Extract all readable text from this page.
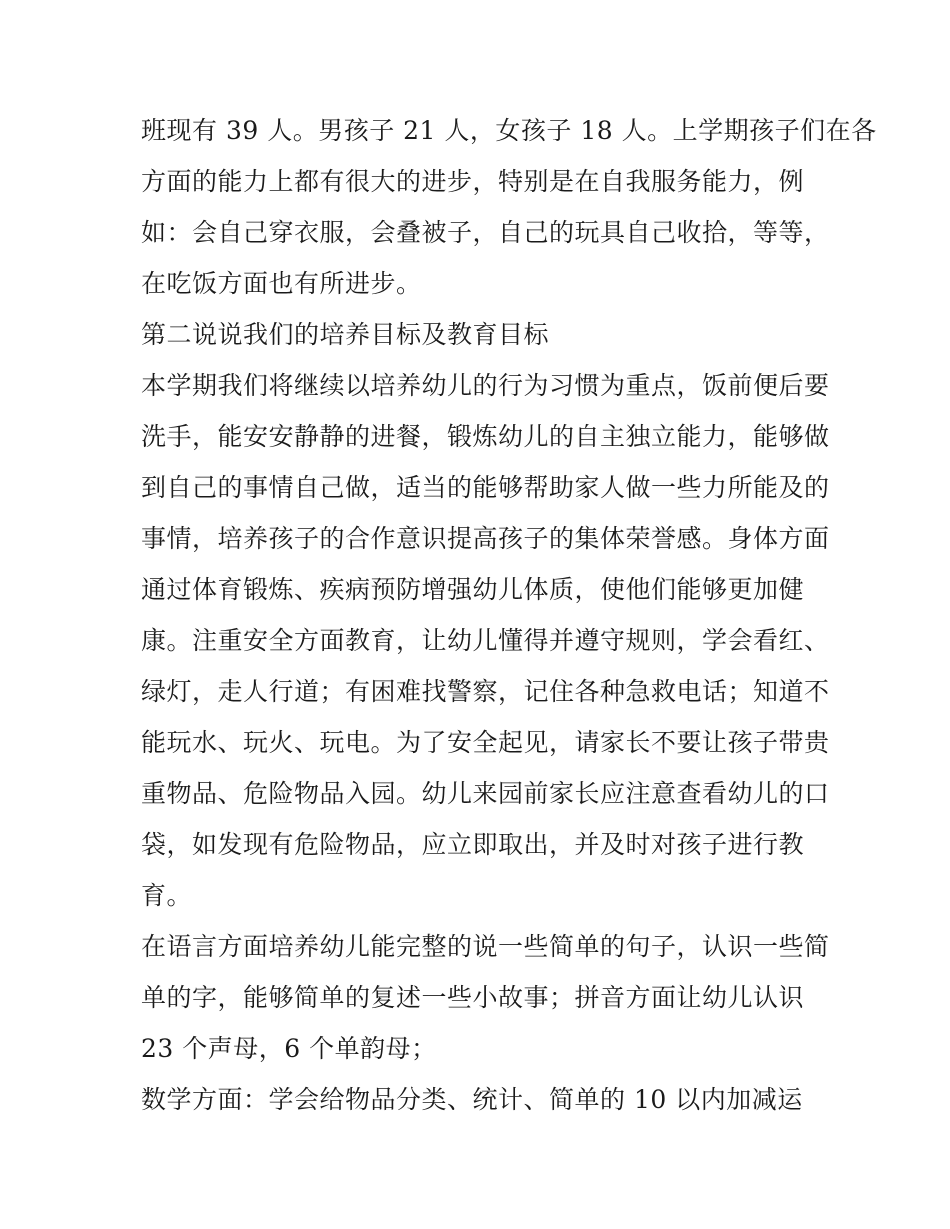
班现有 39 人。男孩子 21 人，女孩子 18 人。上学期孩子们在各
方面的能力上都有很大的进步，特别是在自我服务能力，例
如：会自己穿衣服，会叠被子，自己的玩具自己收拾，等等，
在吃饭方面也有所进步。
第二说说我们的培养目标及教育目标
本学期我们将继续以培养幼儿的行为习惯为重点，饭前便后要
洗手，能安安静静的进餐，锻炼幼儿的自主独立能力，能够做
到自己的事情自己做，适当的能够帮助家人做一些力所能及的
事情，培养孩子的合作意识提高孩子的集体荣誉感。身体方面
通过体育锻炼、疾病预防增强幼儿体质，使他们能够更加健
康。注重安全方面教育，让幼儿懂得并遵守规则，学会看红、
绿灯，走人行道；有困难找警察，记住各种急救电话；知道不
能玩水、玩火、玩电。为了安全起见，请家长不要让孩子带贵
重物品、危险物品入园。幼儿来园前家长应注意查看幼儿的口
袋，如发现有危险物品，应立即取出，并及时对孩子进行教
育。
在语言方面培养幼儿能完整的说一些简单的句子，认识一些简
单的字，能够简单的复述一些小故事；拼音方面让幼儿认识
23 个声母，6 个单韵母；
数学方面：学会给物品分类、统计、简单的 10 以内加减运
